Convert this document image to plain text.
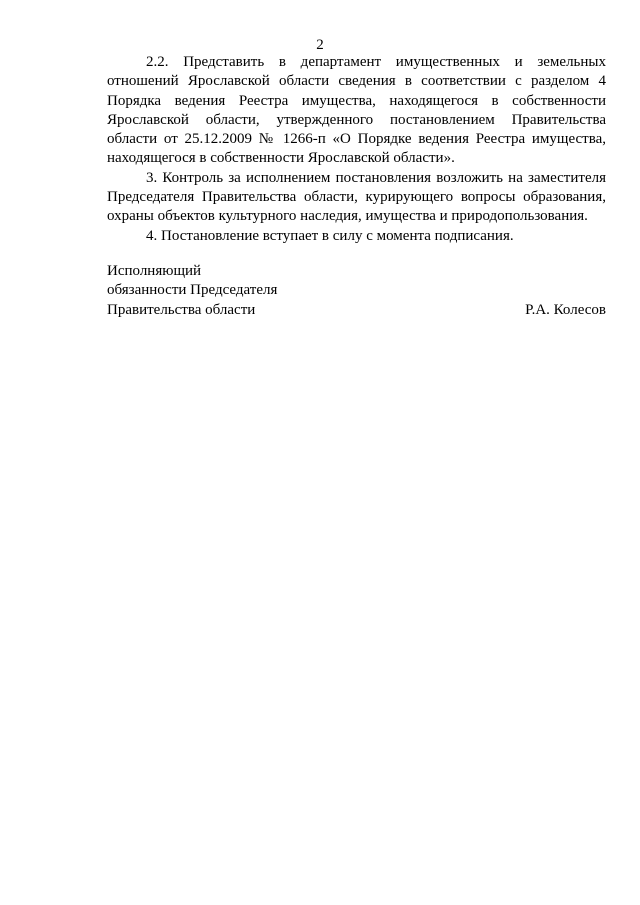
2

2.2. Представить в департамент имущественных и земельных отношений Ярославской области сведения в соответствии с разделом 4 Порядка ведения Реестра имущества, находящегося в собственности Ярославской области, утвержденного постановлением Правительства области от 25.12.2009 № 1266-п «О Порядке ведения Реестра имущества, находящегося в собственности Ярославской области».

3. Контроль за исполнением постановления возложить на заместителя Председателя Правительства области, курирующего вопросы образования, охраны объектов культурного наследия, имущества и природопользования.

4. Постановление вступает в силу с момента подписания.

Исполняющий
обязанности Председателя
Правительства области	Р.А. Колесов
